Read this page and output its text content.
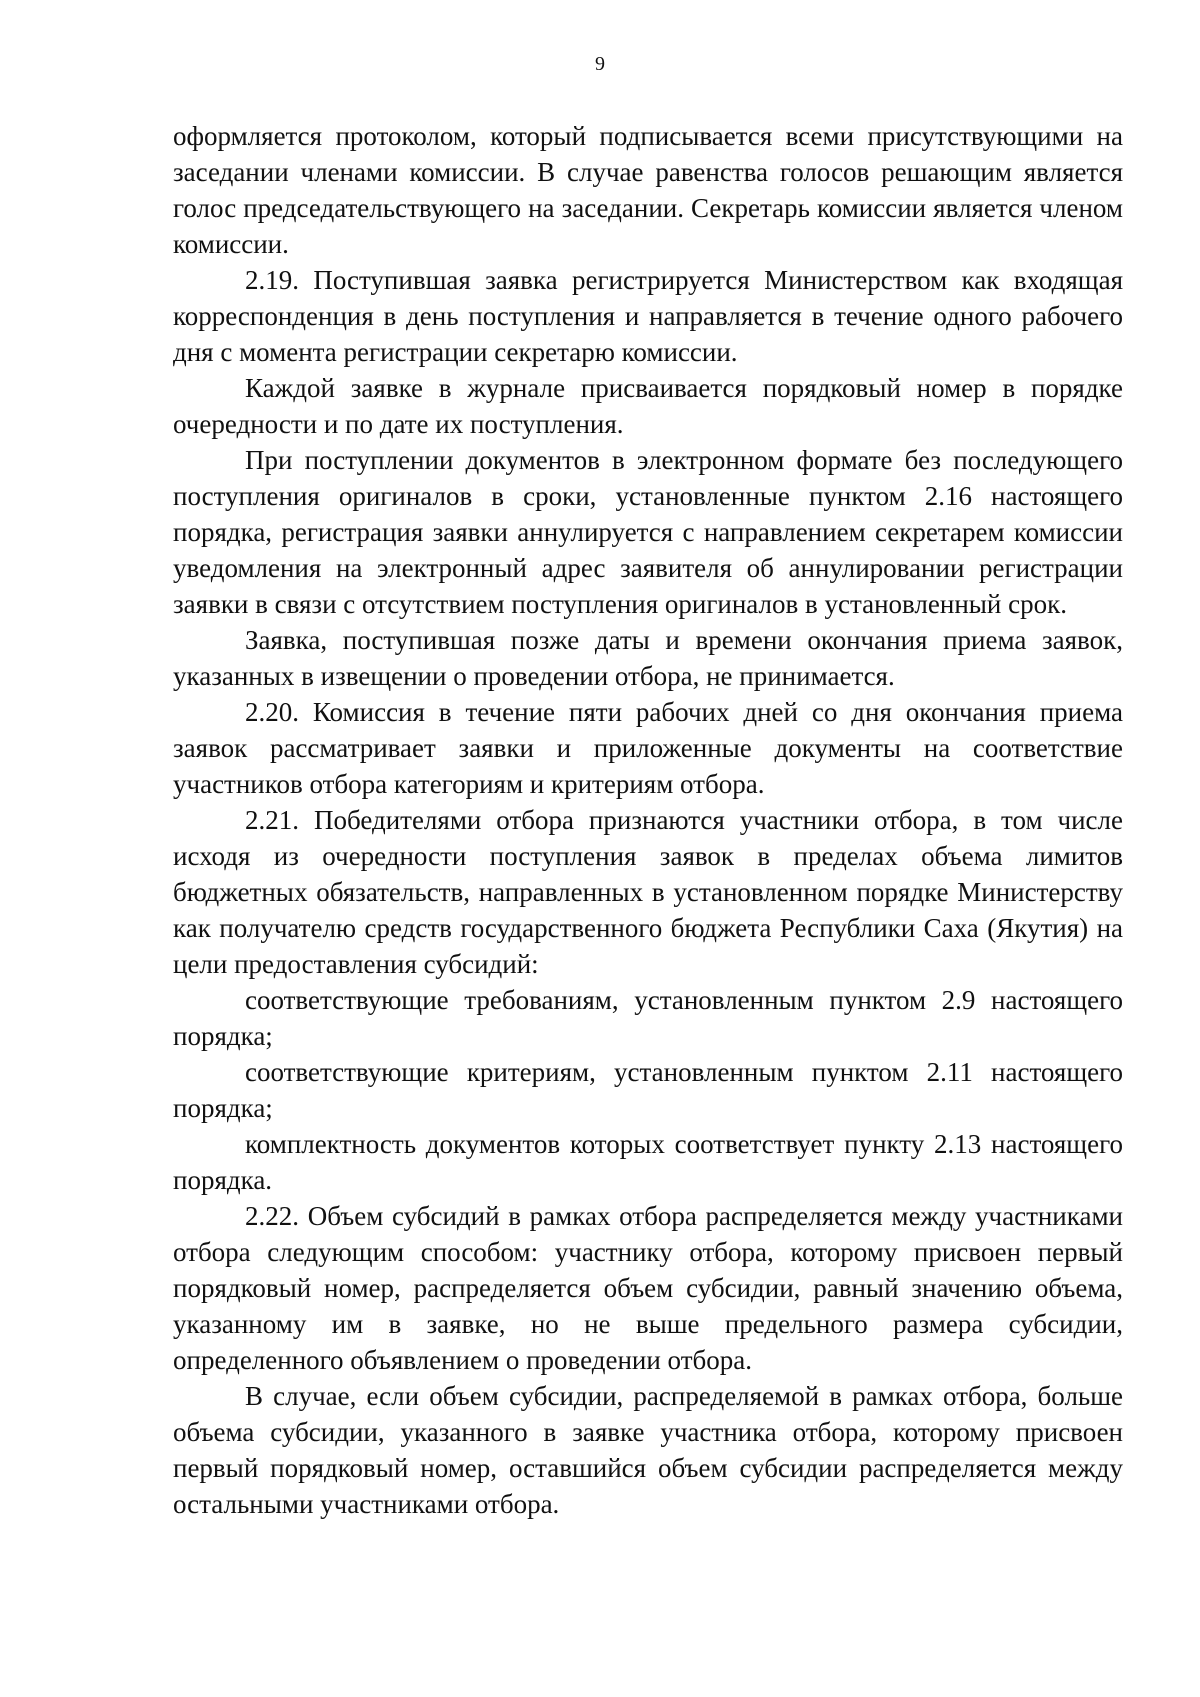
9

оформляется протоколом, который подписывается всеми присутствующими на заседании членами комиссии. В случае равенства голосов решающим является голос председательствующего на заседании. Секретарь комиссии является членом комиссии.

2.19. Поступившая заявка регистрируется Министерством как входящая корреспонденция в день поступления и направляется в течение одного рабочего дня с момента регистрации секретарю комиссии.

Каждой заявке в журнале присваивается порядковый номер в порядке очередности и по дате их поступления.

При поступлении документов в электронном формате без последующего поступления оригиналов в сроки, установленные пунктом 2.16 настоящего порядка, регистрация заявки аннулируется с направлением секретарем комиссии уведомления на электронный адрес заявителя об аннулировании регистрации заявки в связи с отсутствием поступления оригиналов в установленный срок.

Заявка, поступившая позже даты и времени окончания приема заявок, указанных в извещении о проведении отбора, не принимается.

2.20. Комиссия в течение пяти рабочих дней со дня окончания приема заявок рассматривает заявки и приложенные документы на соответствие участников отбора категориям и критериям отбора.

2.21. Победителями отбора признаются участники отбора, в том числе исходя из очередности поступления заявок в пределах объема лимитов бюджетных обязательств, направленных в установленном порядке Министерству как получателю средств государственного бюджета Республики Саха (Якутия) на цели предоставления субсидий:

соответствующие требованиям, установленным пунктом 2.9 настоящего порядка;

соответствующие критериям, установленным пунктом 2.11 настоящего порядка;

комплектность документов которых соответствует пункту 2.13 настоящего порядка.

2.22. Объем субсидий в рамках отбора распределяется между участниками отбора следующим способом: участнику отбора, которому присвоен первый порядковый номер, распределяется объем субсидии, равный значению объема, указанному им в заявке, но не выше предельного размера субсидии, определенного объявлением о проведении отбора.

В случае, если объем субсидии, распределяемой в рамках отбора, больше объема субсидии, указанного в заявке участника отбора, которому присвоен первый порядковый номер, оставшийся объем субсидии распределяется между остальными участниками отбора.
